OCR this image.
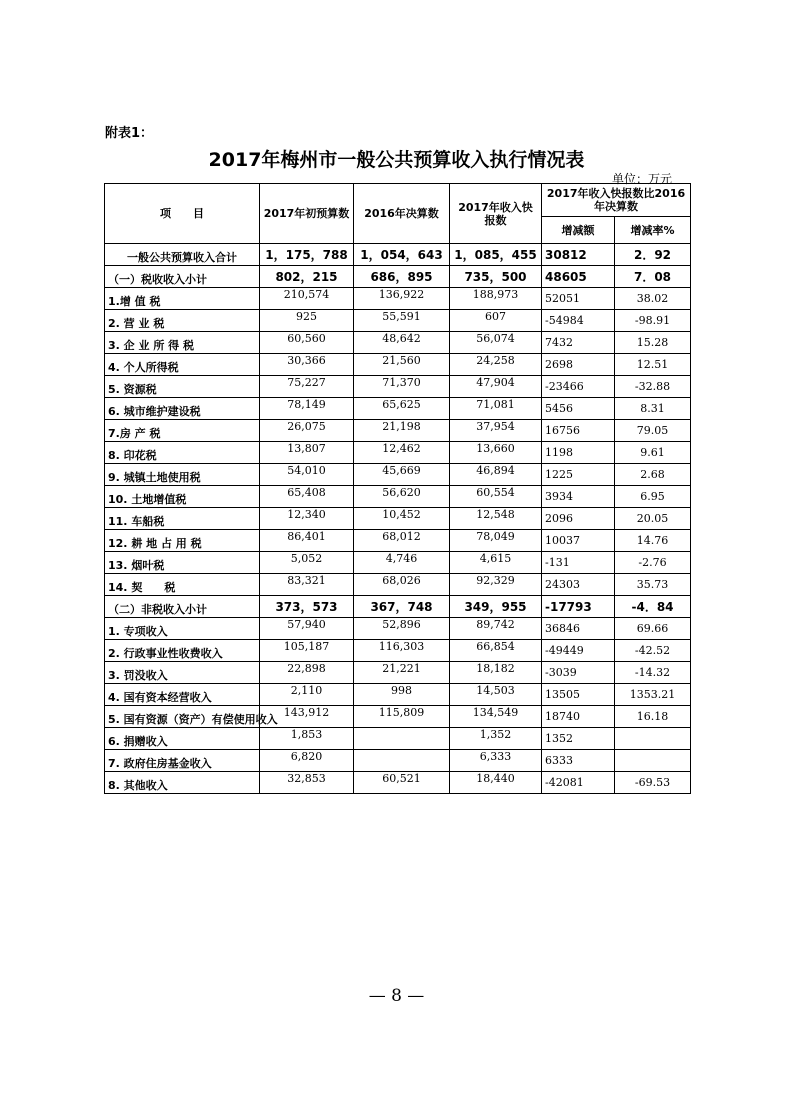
附表1：
2017年梅州市一般公共预算收入执行情况表
单位：万元
项　　目	2017年初预算数	2016年决算数	2017年收入快报数	2017年收入快报数比2016年决算数	
				增减额	增减率%
一般公共预算收入合计	1，175，788	1，054，643	1，085，455	30812	2．92
（一）税收收入小计	802，215	686，895	735，500	48605	7．08
1.增 值 税	210,574	136,922	188,973	52051	38.02
2. 营 业 税	925	55,591	607	-54984	-98.91
3. 企 业 所 得 税	60,560	48,642	56,074	7432	15.28
4. 个人所得税	30,366	21,560	24,258	2698	12.51
5. 资源税	75,227	71,370	47,904	-23466	-32.88
6. 城市维护建设税	78,149	65,625	71,081	5456	8.31
7.房 产 税	26,075	21,198	37,954	16756	79.05
8. 印花税	13,807	12,462	13,660	1198	9.61
9. 城镇土地使用税	54,010	45,669	46,894	1225	2.68
10. 土地增值税	65,408	56,620	60,554	3934	6.95
11. 车船税	12,340	10,452	12,548	2096	20.05
12. 耕 地 占 用 税	86,401	68,012	78,049	10037	14.76
13. 烟叶税	5,052	4,746	4,615	-131	-2.76
14. 契　　税	83,321	68,026	92,329	24303	35.73
（二）非税收入小计	373，573	367，748	349，955	-17793	-4．84
1. 专项收入	57,940	52,896	89,742	36846	69.66
2. 行政事业性收费收入	105,187	116,303	66,854	-49449	-42.52
3. 罚没收入	22,898	21,221	18,182	-3039	-14.32
4. 国有资本经营收入	2,110	998	14,503	13505	1353.21
5. 国有资源（资产）有偿使用收入	143,912	115,809	134,549	18740	16.18
6. 捐赠收入	1,853		1,352	1352	
7. 政府住房基金收入	6,820		6,333	6333	
8. 其他收入	32,853	60,521	18,440	-42081	-69.53
— 8 —
